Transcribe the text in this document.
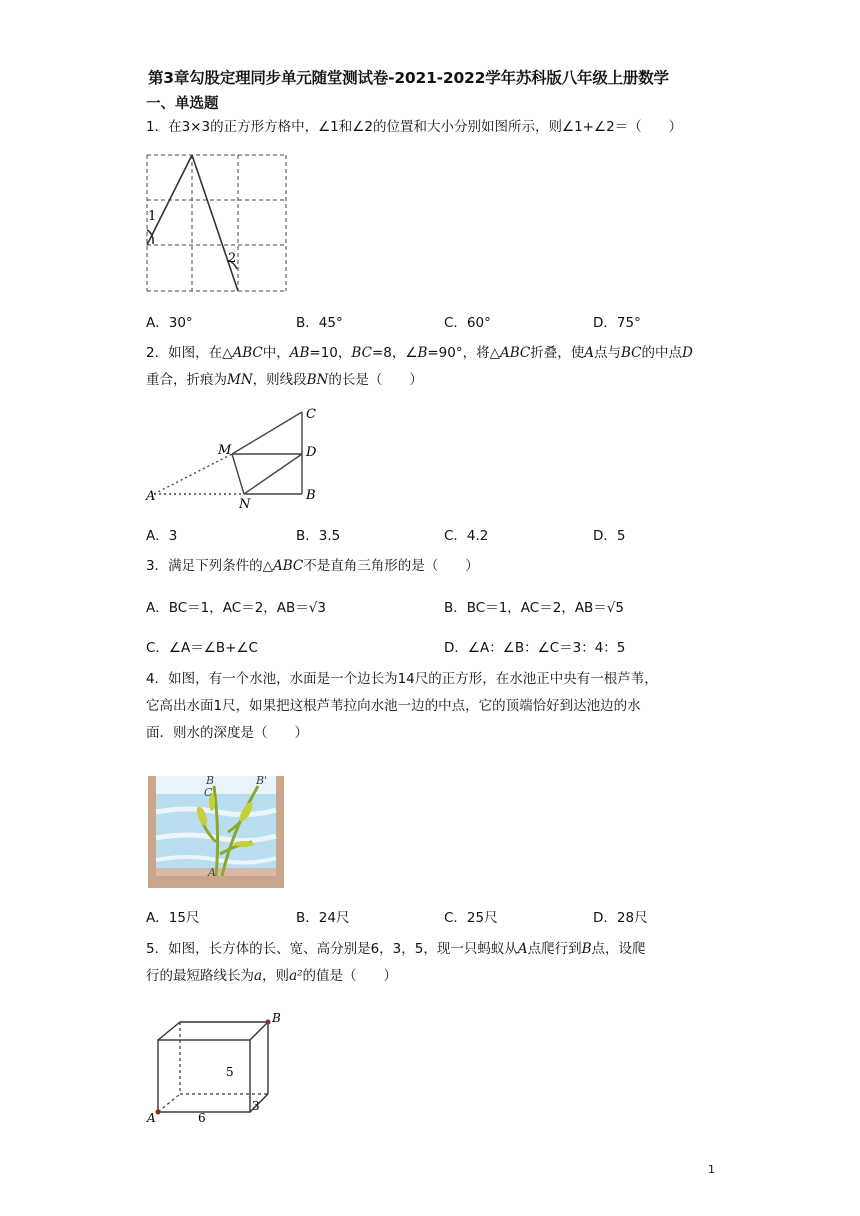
第3章勾股定理同步单元随堂测试卷-2021-2022学年苏科版八年级上册数学
一、单选题
1．在3×3的正方形方格中，∠1和∠2的位置和大小分别如图所示，则∠1+∠2＝（　　）
1
2
A．30°	B．45°	C．60°	D．75°
2．如图，在△ABC中，AB=10，BC=8，∠B=90°，将△ABC折叠，使A点与BC的中点D
重合，折痕为MN，则线段BN的长是（　　）
C
M	D
A
N
B
A．3	B．3.5	C．4.2	D．5
3．满足下列条件的△ABC不是直角三角形的是（　　）
A．BC＝1，AC＝2，AB＝√3	B．BC＝1，AC＝2，AB＝√5
C．∠A＝∠B+∠C	D．∠A：∠B：∠C＝3：4：5
4．如图，有一个水池，水面是一个边长为14尺的正方形，在水池正中央有一根芦苇，
它高出水面1尺，如果把这根芦苇拉向水池一边的中点，它的顶端恰好到达池边的水
面．则水的深度是（　　）
B	B'
C
A
A．15尺	B．24尺	C．25尺	D．28尺
5．如图，长方体的长、宽、高分别是6，3，5，现一只蚂蚁从A点爬行到B点，设爬
行的最短路线长为a，则a²的值是（　　）
B
5
A	6
3
1
